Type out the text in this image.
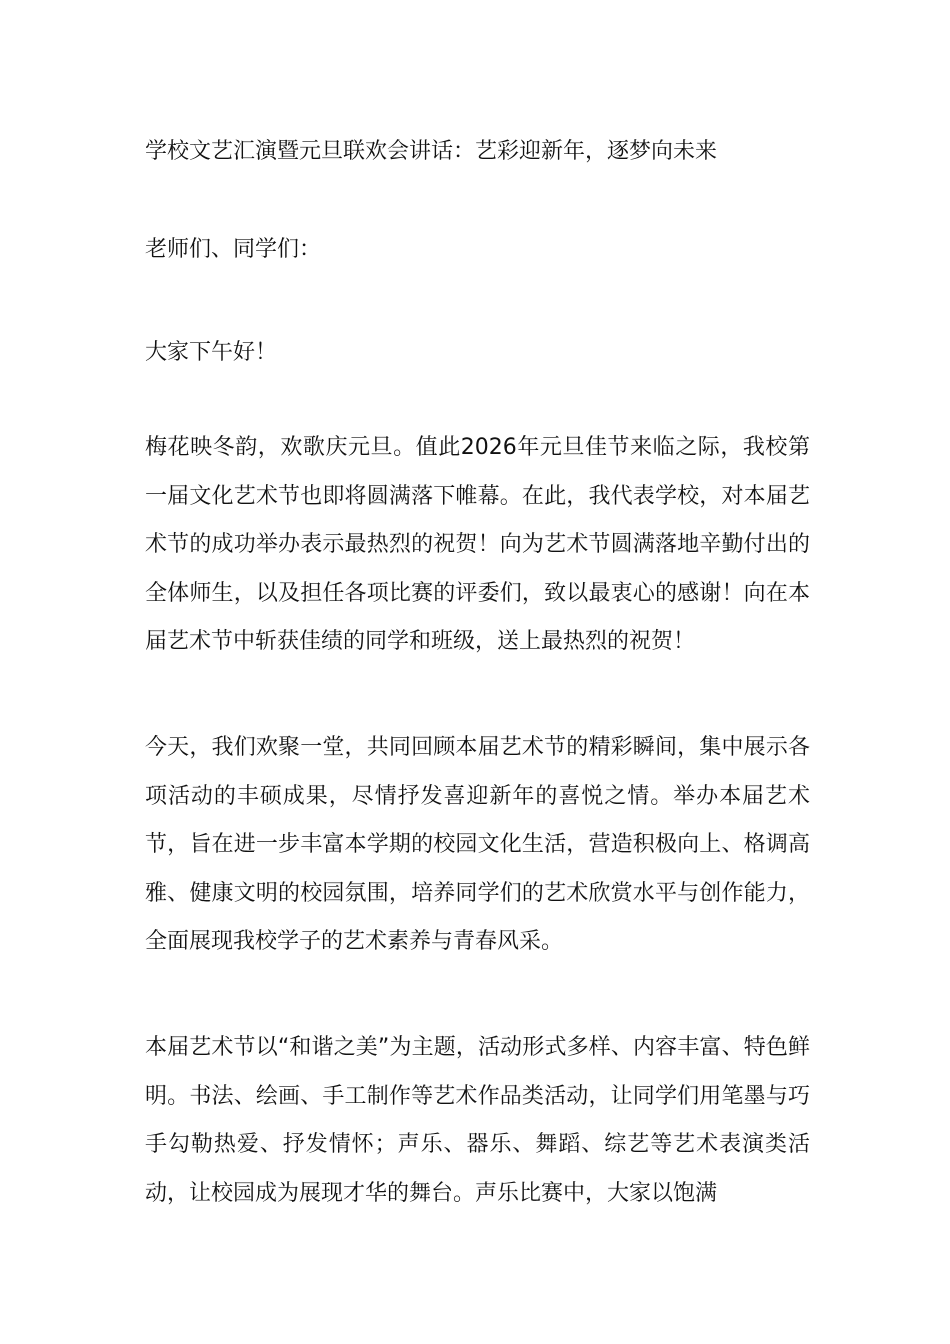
学校文艺汇演暨元旦联欢会讲话：艺彩迎新年，逐梦向未来

老师们、同学们：

大家下午好！

梅花映冬韵，欢歌庆元旦。值此2026年元旦佳节来临之际，我校第一届文化艺术节也即将圆满落下帷幕。在此，我代表学校，对本届艺术节的成功举办表示最热烈的祝贺！向为艺术节圆满落地辛勤付出的全体师生，以及担任各项比赛的评委们，致以最衷心的感谢！向在本届艺术节中斩获佳绩的同学和班级，送上最热烈的祝贺！

今天，我们欢聚一堂，共同回顾本届艺术节的精彩瞬间，集中展示各项活动的丰硕成果，尽情抒发喜迎新年的喜悦之情。举办本届艺术节，旨在进一步丰富本学期的校园文化生活，营造积极向上、格调高雅、健康文明的校园氛围，培养同学们的艺术欣赏水平与创作能力，全面展现我校学子的艺术素养与青春风采。

本届艺术节以“和谐之美”为主题，活动形式多样、内容丰富、特色鲜明。书法、绘画、手工制作等艺术作品类活动，让同学们用笔墨与巧手勾勒热爱、抒发情怀；声乐、器乐、舞蹈、综艺等艺术表演类活动，让校园成为展现才华的舞台。声乐比赛中，大家以饱满
